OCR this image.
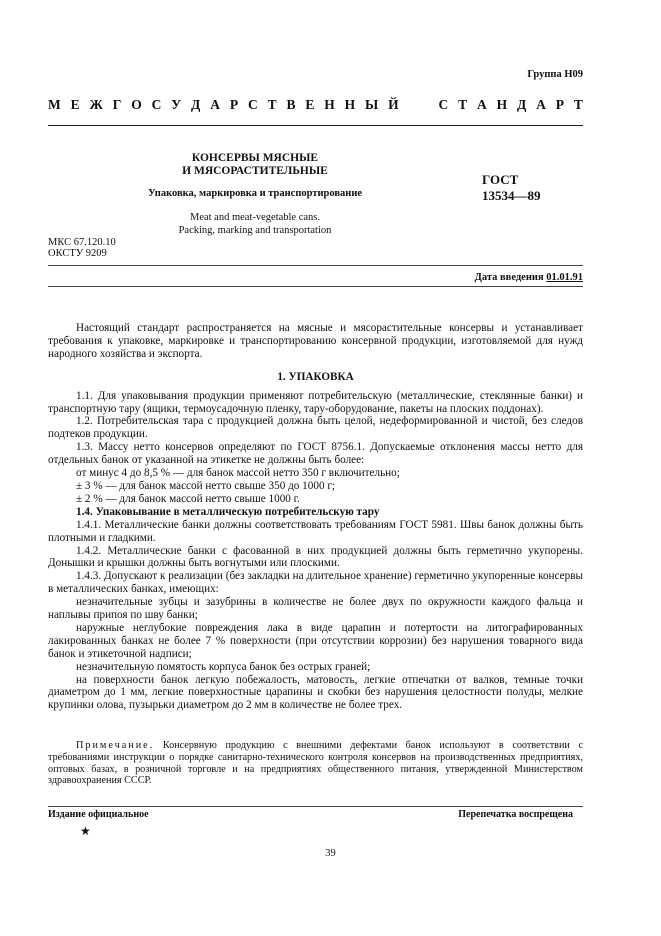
Группа Н09
М Е Ж Г О С У Д А Р С Т В Е Н Н Ы Й	С Т А Н Д А Р Т
КОНСЕРВЫ МЯСНЫЕ
И МЯСОРАСТИТЕЛЬНЫЕ
Упаковка, маркировка и транспортирование
Meat and meat-vegetable cans.
Packing, marking and transportation
ГОСТ
13534—89
МКС 67.120.10
ОКСТУ 9209
Дата введения 01.01.91

Настоящий стандарт распространяется на мясные и мясорастительные консервы и устанавливает требования к упаковке, маркировке и транспортированию консервной продукции, изготовляемой для нужд народного хозяйства и экспорта.

1. УПАКОВКА

1.1. Для упаковывания продукции применяют потребительскую (металлические, стеклянные банки) и транспортную тару (ящики, термоусадочную пленку, тару-оборудование, пакеты на плоских поддонах).

1.2. Потребительская тара с продукцией должна быть целой, недеформированной и чистой, без следов подтеков продукции.

1.3. Массу нетто консервов определяют по ГОСТ 8756.1. Допускаемые отклонения массы нетто для отдельных банок от указанной на этикетке не должны быть более:

от минус 4 до 8,5 % — для банок массой нетто 350 г включительно;

± 3 % — для банок массой нетто свыше 350 до 1000 г;

± 2 % — для банок массой нетто свыше 1000 г.

1.4. Упаковывание в металлическую потребительскую тару

1.4.1. Металлические банки должны соответствовать требованиям ГОСТ 5981. Швы банок должны быть плотными и гладкими.

1.4.2. Металлические банки с фасованной в них продукцией должны быть герметично укупорены. Донышки и крышки должны быть вогнутыми или плоскими.

1.4.3. Допускают к реализации (без закладки на длительное хранение) герметично укупоренные консервы в металлических банках, имеющих:

незначительные зубцы и зазубрины в количестве не более двух по окружности каждого фальца и наплывы припоя по шву банки;

наружные неглубокие повреждения лака в виде царапин и потертости на литографированных лакированных банках не более 7 % поверхности (при отсутствии коррозии) без нарушения товарного вида банок и этикеточной надписи;

незначительную помятость корпуса банок без острых граней;

на поверхности банок легкую побежалость, матовость, легкие отпечатки от валков, темные точки диаметром до 1 мм, легкие поверхностные царапины и скобки без нарушения целостности полуды, мелкие крупинки олова, пузырьки диаметром до 2 мм в количестве не более трех.

Примечание. Консервную продукцию с внешними дефектами банок используют в соответствии с требованиями инструкции о порядке санитарно-технического контроля консервов на производственных предприятиях, оптовых базах, в розничной торговле и на предприятиях общественного питания, утвержденной Министерством здравоохранения СССР.

Издание официальное	Перепечатка воспрещена
★
39
